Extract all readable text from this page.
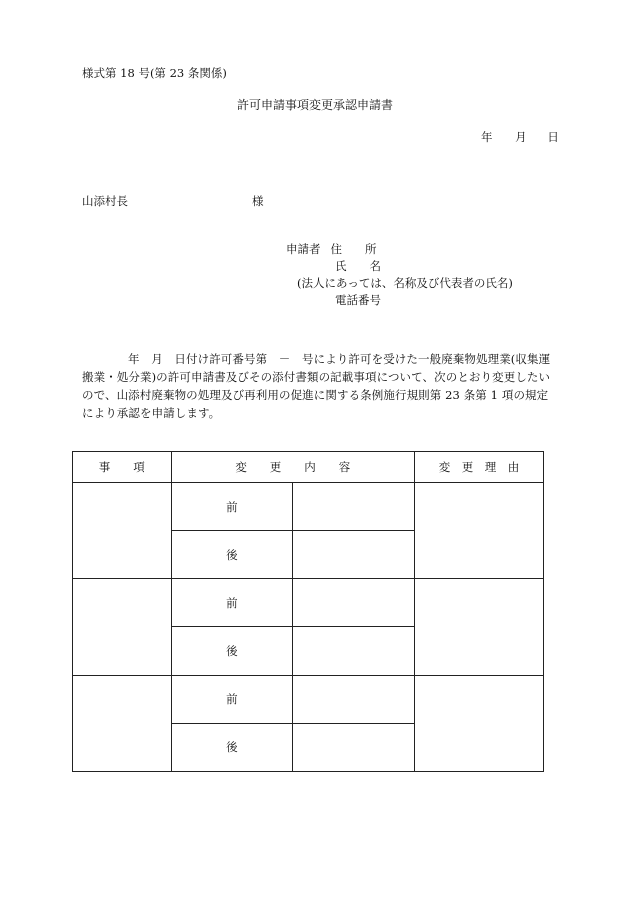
様式第 18 号(第 23 条関係)
許可申請事項変更承認申請書
年 月 日
山添村長	様
申請者 住　　所
氏　　名
(法人にあっては、名称及び代表者の氏名)
電話番号
年　月　日付け許可番号第　－　号により許可を受けた一般廃棄物処理業(収集運搬業・処分業)の許可申請書及びその添付書類の記載事項について、次のとおり変更したいので、山添村廃棄物の処理及び再利用の促進に関する条例施行規則第 23 条第 1 項の規定により承認を申請します。
事　　項	変　　更　　内　　容		変　更　理　由
	前		
	後		
	前		
	後		
	前		
	後		
